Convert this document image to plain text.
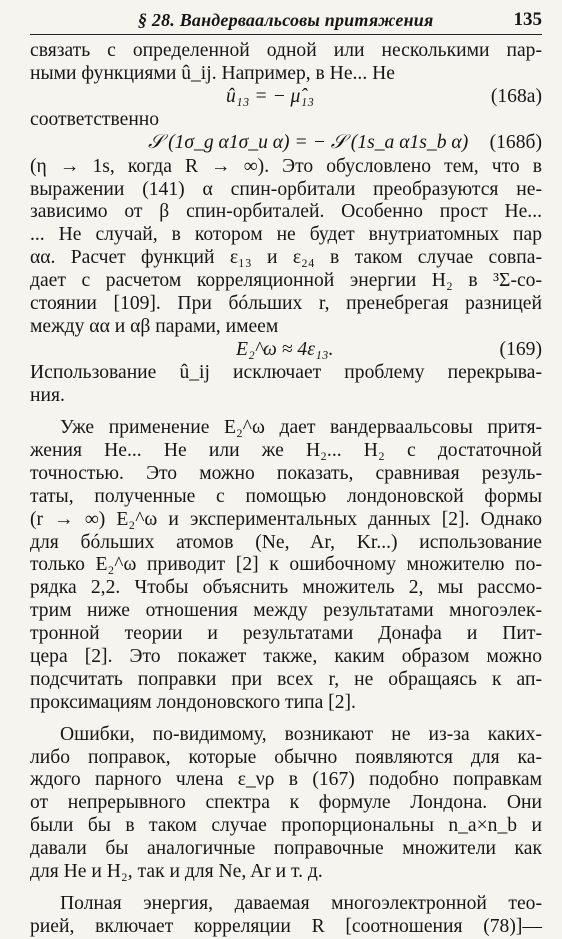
§ 28. Вандерваальсовы притяжения	135
связать с определенной одной или несколькими пар-
ными функциями û_ij. Например, в He... He
û₁₃ = − μ̂₁₃	(168a)
соответственно
𝒮 (1σ_g α1σ_u α) = − 𝒮 (1s_a α1s_b α) (168б)
(η → 1s, когда R → ∞). Это обусловлено тем, что в
выражении (141) α спин-орбитали преобразуются не-
зависимо от β спин-орбиталей. Особенно прост He...
... Не случай, в котором не будет внутриатомных пар
αα. Расчет функций ε₁₃ и ε₂₄ в таком случае совпа-
дает с расчетом корреляционной энергии H₂ в ³Σ-со-
стоянии [109]. При бóльших r, пренебрегая разницей
между αα и αβ парами, имеем
E₂^ω ≈ 4ε₁₃.	(169)
Использование û_ij исключает проблему перекрыва-
ния.
Уже применение E₂^ω дает вандерваальсовы притя-
жения He... He или же H₂... H₂ с достаточной
точностью. Это можно показать, сравнивая резуль-
таты, полученные с помощью лондоновской формы
(r → ∞) E₂^ω и экспериментальных данных [2]. Однако
для бóльших атомов (Ne, Ar, Kr...) использование
только E₂^ω приводит [2] к ошибочному множителю по-
рядка 2,2. Чтобы объяснить множитель 2, мы рассмо-
трим ниже отношения между результатами многоэлек-
тронной теории и результатами Донафа и Пит-
цера [2]. Это покажет также, каким образом можно
подсчитать поправки при всех r, не обращаясь к ап-
проксимациям лондоновского типа [2].
Ошибки, по-видимому, возникают не из-за каких-
либо поправок, которые обычно появляются для ка-
ждого парного члена ε_νρ в (167) подобно поправкам
от непрерывного спектра к формуле Лондона. Они
были бы в таком случае пропорциональны n_a×n_b и
давали бы аналогичные поправочные множители как
для He и H₂, так и для Ne, Ar и т. д.
Полная энергия, даваемая многоэлектронной тео-
рией, включает корреляции R [соотношения (78)]—
